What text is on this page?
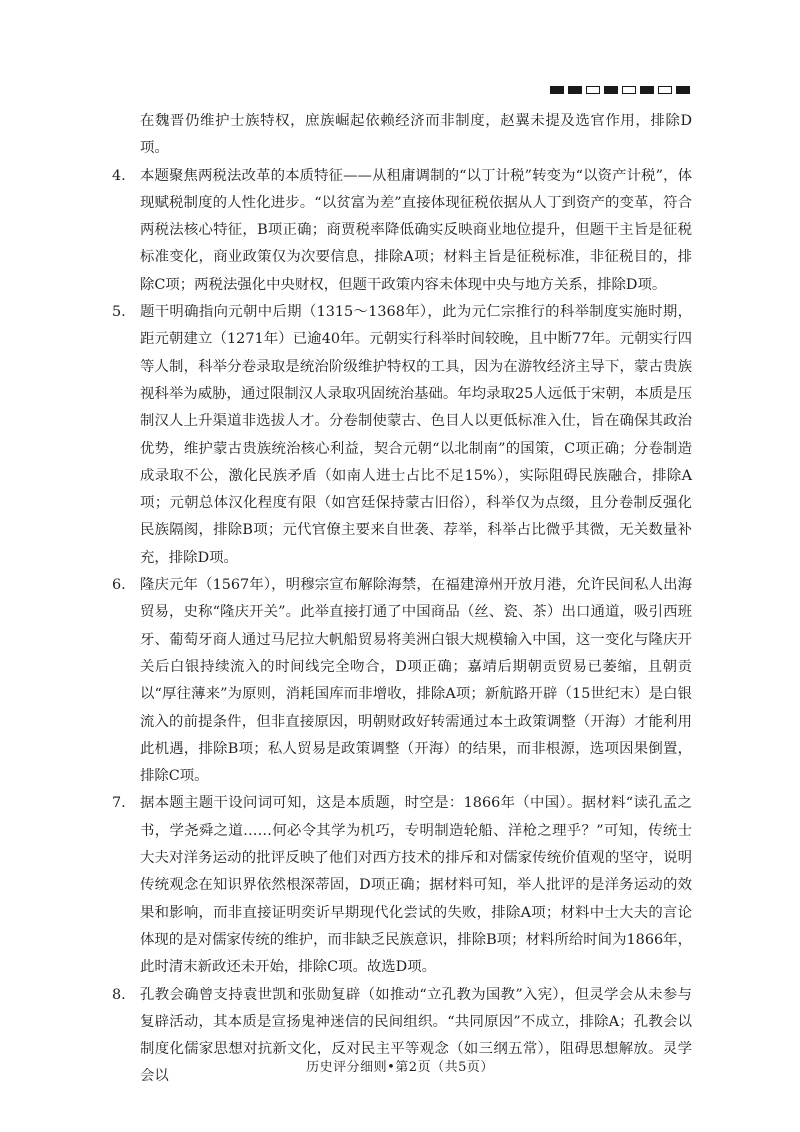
在魏晋仍维护士族特权，庶族崛起依赖经济而非制度，赵翼未提及选官作用，排除D项。

4. 本题聚焦两税法改革的本质特征——从租庸调制的“以丁计税”转变为“以资产计税”，体现赋税制度的人性化进步。“以贫富为差”直接体现征税依据从人丁到资产的变革，符合两税法核心特征，B项正确；商贾税率降低确实反映商业地位提升，但题干主旨是征税标准变化，商业政策仅为次要信息，排除A项；材料主旨是征税标准，非征税目的，排除C项；两税法强化中央财权，但题干政策内容未体现中央与地方关系，排除D项。

5. 题干明确指向元朝中后期（1315～1368年），此为元仁宗推行的科举制度实施时期，距元朝建立（1271年）已逾40年。元朝实行科举时间较晚，且中断77年。元朝实行四等人制，科举分卷录取是统治阶级维护特权的工具，因为在游牧经济主导下，蒙古贵族视科举为威胁，通过限制汉人录取巩固统治基础。年均录取25人远低于宋朝，本质是压制汉人上升渠道非选拔人才。分卷制使蒙古、色目人以更低标准入仕，旨在确保其政治优势，维护蒙古贵族统治核心利益，契合元朝“以北制南”的国策，C项正确；分卷制造成录取不公，激化民族矛盾（如南人进士占比不足15%），实际阻碍民族融合，排除A项；元朝总体汉化程度有限（如宫廷保持蒙古旧俗），科举仅为点缀，且分卷制反强化民族隔阂，排除B项；元代官僚主要来自世袭、荐举，科举占比微乎其微，无关数量补充，排除D项。

6. 隆庆元年（1567年），明穆宗宣布解除海禁，在福建漳州开放月港，允许民间私人出海贸易，史称“隆庆开关”。此举直接打通了中国商品（丝、瓷、茶）出口通道，吸引西班牙、葡萄牙商人通过马尼拉大帆船贸易将美洲白银大规模输入中国，这一变化与隆庆开关后白银持续流入的时间线完全吻合，D项正确；嘉靖后期朝贡贸易已萎缩，且朝贡以“厚往薄来”为原则，消耗国库而非增收，排除A项；新航路开辟（15世纪末）是白银流入的前提条件，但非直接原因，明朝财政好转需通过本土政策调整（开海）才能利用此机遇，排除B项；私人贸易是政策调整（开海）的结果，而非根源，选项因果倒置，排除C项。

7. 据本题主题干设问词可知，这是本质题，时空是：1866年（中国）。据材料“读孔孟之书，学尧舜之道……何必令其学为机巧，专明制造轮船、洋枪之理乎？”可知，传统士大夫对洋务运动的批评反映了他们对西方技术的排斥和对儒家传统价值观的坚守，说明传统观念在知识界依然根深蒂固，D项正确；据材料可知，举人批评的是洋务运动的效果和影响，而非直接证明奕䜣早期现代化尝试的失败，排除A项；材料中士大夫的言论体现的是对儒家传统的维护，而非缺乏民族意识，排除B项；材料所给时间为1866年，此时清末新政还未开始，排除C项。故选D项。

8. 孔教会确曾支持袁世凯和张勋复辟（如推动“立孔教为国教”入宪），但灵学会从未参与复辟活动，其本质是宣扬鬼神迷信的民间组织。“共同原因”不成立，排除A；孔教会以制度化儒家思想对抗新文化，反对民主平等观念（如三纲五常），阻碍思想解放。灵学会以

历史评分细则•第2页（共5页）
